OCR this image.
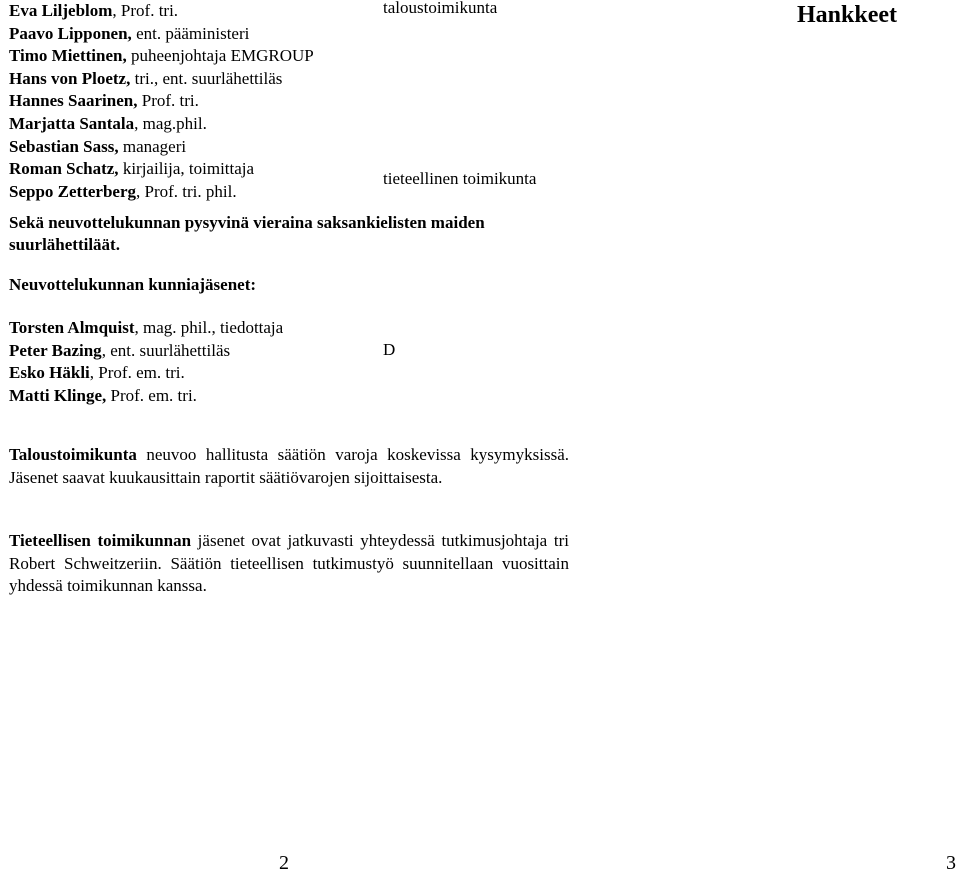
Eva Liljeblom, Prof. tri.
Paavo Lipponen, ent. pääministeri
Timo Miettinen, puheenjohtaja EMGROUP
Hans von Ploetz, tri., ent. suurlähettiläs
Hannes Saarinen, Prof. tri.
Marjatta Santala, mag.phil.
Sebastian Sass, manageri
Roman Schatz, kirjailija, toimittaja
Seppo Zetterberg, Prof. tri. phil.
taloustoimikunta
tieteellinen toimikunta
Hankkeet
Sekä neuvottelukunnan pysyvinä vieraina saksankielisten maiden suurlähettiläät.
Neuvottelukunnan kunniajäsenet:
Torsten Almquist, mag. phil., tiedottaja
Peter Bazing, ent. suurlähettiläs
Esko Häkli, Prof. em. tri.
Matti Klinge, Prof. em. tri.
D

Taloustoimikunta neuvoo hallitusta säätiön varoja koskevissa kysymyksissä. Jäsenet saavat kuukausittain raportit säätiövarojen sijoittaisesta.

Tieteellisen toimikunnan jäsenet ovat jatkuvasti yhteydessä tutkimusjohtaja tri Robert Schweitzeriin. Säätiön tieteellisen tutkimustyö suunnitellaan vuosittain yhdessä toimikunnan kanssa.

2	3
